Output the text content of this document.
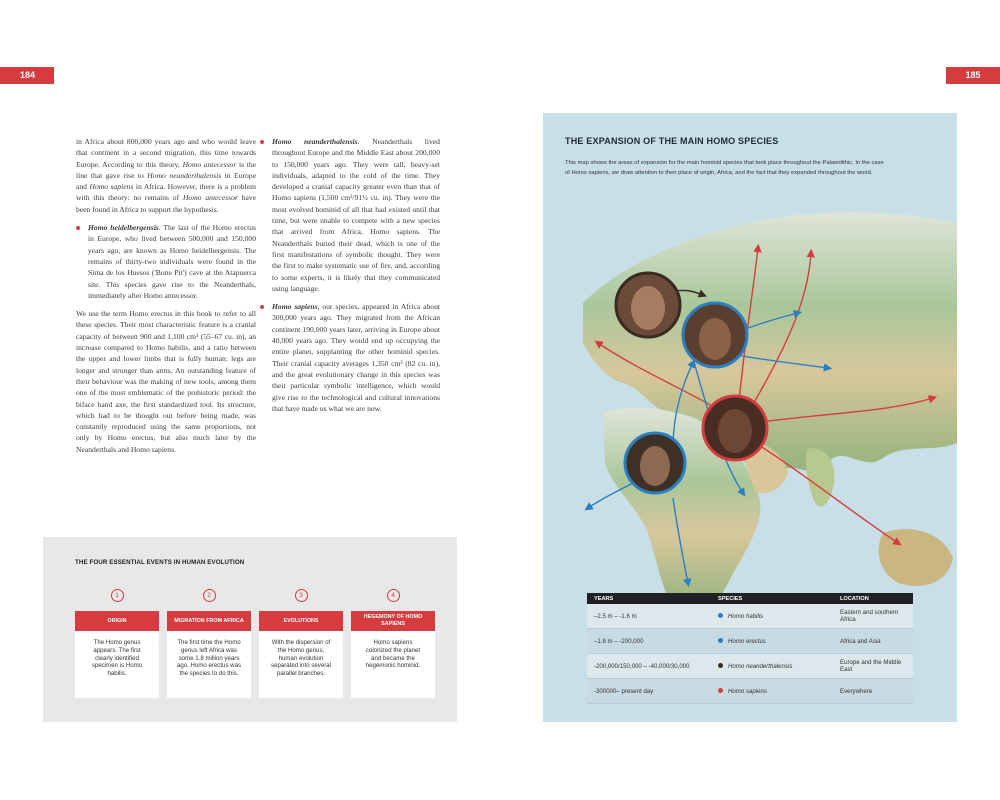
184	185

in Africa about 800,000 years ago and who would leave that continent in a second migration, this time towards Europe. According to this theory, Homo antecessor is the line that gave rise to Homo neanderthalensis in Europe and Homo sapiens in Africa. However, there is a problem with this theory: no remains of Homo antecessor have been found in Africa to support the hypothesis.

Homo heidelbergensis. The last of the Homo erectus in Europe, who lived between 500,000 and 150,000 years ago, are known as Homo heidelbergensis. The remains of thirty-two individuals were found in the Sima de los Huesos ('Bone Pit') cave at the Atapuerca site. This species gave rise to the Neanderthals, immediately after Homo antecessor.

We use the term Homo erectus in this book to refer to all these species. Their most characteristic feature is a cranial capacity of between 900 and 1,100 cm³ (55–67 cu. in), an increase compared to Homo habilis, and a ratio between the upper and lower limbs that is fully human: legs are longer and stronger than arms. An outstanding feature of their behaviour was the making of new tools, among them one of the most emblematic of the prehistoric period: the biface hand axe, the first standardized tool. Its structure, which had to be thought out before being made, was constantly reproduced using the same proportions, not only by Homo erectus, but also much later by the Neanderthals and Homo sapiens.

Homo neanderthalensis. Neanderthals lived throughout Europe and the Middle East about 200,000 to 150,000 years ago. They were tall, heavy-set individuals, adapted to the cold of the time. They developed a cranial capacity greater even than that of Homo sapiens (1,500 cm³/91½ cu. in). They were the most evolved hominid of all that had existed until that time, but were unable to compete with a new species that arrived from Africa, Homo sapiens. The Neanderthals buried their dead, which is one of the first manifestations of symbolic thought. They were the first to make systematic use of fire, and, according to some experts, it is likely that they communicated using language.

Homo sapiens, our species, appeared in Africa about 300,000 years ago. They migrated from the African continent 190,000 years later, arriving in Europe about 40,000 years ago. They would end up occupying the entire planet, supplanting the other hominid species. Their cranial capacity averages 1,350 cm³ (82 cu. in), and the great evolutionary change in this species was their particular symbolic intelligence, which would give rise to the technological and cultural innovations that have made us what we are now.

THE FOUR ESSENTIAL EVENTS IN HUMAN EVOLUTION
1
ORIGIN
The Homo genus appears. The first clearly identified specimen is Homo habilis.
2
MIGRATION FROM AFRICA
The first time the Homo genus left Africa was some 1.8 million years ago. Homo erectus was the species to do this.
3
EVOLUTIONS
With the dispersion of the Homo genus, human evolution separated into several parallel branches.
4
HEGEMONY OF HOMO SAPIENS
Homo sapiens colonized the planet and became the hegemonic hominid.
THE EXPANSION OF THE MAIN HOMO SPECIES

This map shows the areas of expansion for the main hominid species that took place throughout the Palaeolithic. In the case of Homo sapiens, we draw attention to their place of origin, Africa, and the fact that they expanded throughout the world.

YEARS	SPECIES	LOCATION
–2.5 m – -1.6 m	Homo habilis	Eastern and southern Africa
–1.8 m – -200,000	Homo erectus	Africa and Asia
-200,000/150,000 – -40,000/30,000	Homo neanderthalensis	Europe and the Middle East
-300000– present day	Homo sapiens	Everywhere
